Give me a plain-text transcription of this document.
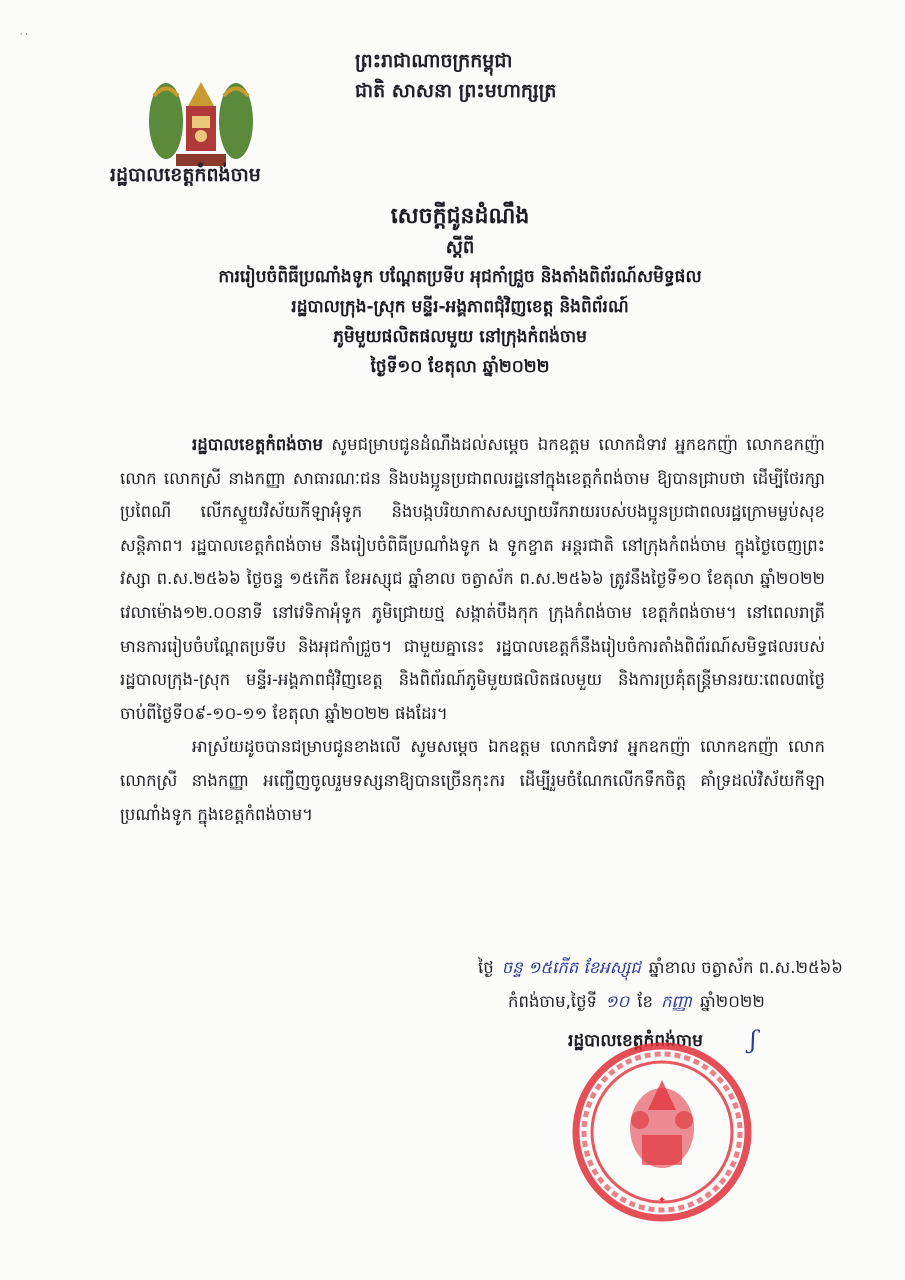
‧ ·
ព្រះរាជាណាចក្រកម្ពុជា
ជាតិ សាសនា ព្រះមហាក្សត្រ
រដ្ឋបាលខេត្តកំពង់ចាម
សេចក្តីជូនដំណឹង
ស្តីពី
ការរៀបចំពិធីប្រណាំងទូក បណ្តែតប្រទីប អុជកាំជ្រួច និងតាំងពិព័រណ៍សមិទ្ធផល
រដ្ឋបាលក្រុង-ស្រុក មន្ទីរ-អង្គភាពជុំវិញខេត្ត និងពិព័រណ៍
ភូមិមួយផលិតផលមួយ នៅក្រុងកំពង់ចាម
ថ្ងៃទី១០ ខែតុលា ឆ្នាំ២០២២

រដ្ឋបាលខេត្តកំពង់ចាម សូមជម្រាបជូនដំណឹងដល់សម្តេច ឯកឧត្តម លោកជំទាវ អ្នកឧកញ៉ា លោកឧកញ៉ា លោក លោកស្រី នាងកញ្ញា សាធារណៈជន និងបងប្អូនប្រជាពលរដ្ឋនៅក្នុងខេត្តកំពង់ចាម ឱ្យបានជ្រាបថា ដើម្បីថែរក្សាប្រពៃណី លើកស្ទួយវិស័យកីឡាអុំទូក និងបង្កបរិយាកាសសប្បាយរីករាយរបស់បងប្អូនប្រជាពលរដ្ឋក្រោមម្លប់សុខសន្តិភាព។ រដ្ឋបាលខេត្តកំពង់ចាម នឹងរៀបចំពិធីប្រណាំងទូក ង ទូកខ្ចាត អន្តរជាតិ នៅក្រុងកំពង់ចាម ក្នុងថ្ងៃចេញព្រះវស្សា ព.ស.២៥៦៦ ថ្ងៃចន្ទ ១៥កើត ខែអស្សុជ ឆ្នាំខាល ចត្វាស័ក ព.ស.២៥៦៦ ត្រូវនឹងថ្ងៃទី១០ ខែតុលា ឆ្នាំ២០២២ វេលាម៉ោង១២.០០នាទី នៅវេទិកាអុំទូក ភូមិជ្រោយថ្ម សង្កាត់បឹងកុក ក្រុងកំពង់ចាម ខេត្តកំពង់ចាម។ នៅពេលរាត្រី មានការរៀបចំបណ្តែតប្រទីប និងអុជកាំជ្រួច។ ជាមួយគ្នានេះ រដ្ឋបាលខេត្តក៏នឹងរៀបចំការតាំងពិព័រណ៍សមិទ្ធផលរបស់រដ្ឋបាលក្រុង-ស្រុក មន្ទីរ-អង្គភាពជុំវិញខេត្ត និងពិព័រណ៍ភូមិមួយផលិតផលមួយ និងការប្រគុំតន្ត្រីមានរយៈពេល៣ថ្ងៃ ចាប់ពីថ្ងៃទី០៩-១០-១១ ខែតុលា ឆ្នាំ២០២២ ផងដែរ។

អាស្រ័យដូចបានជម្រាបជូនខាងលើ សូមសម្តេច ឯកឧត្តម លោកជំទាវ អ្នកឧកញ៉ា លោកឧកញ៉ា លោក លោកស្រី នាងកញ្ញា អញ្ជើញចូលរួមទស្សនាឱ្យបានច្រើនកុះករ ដើម្បីរួមចំណែកលើកទឹកចិត្ត គាំទ្រដល់វិស័យកីឡាប្រណាំងទូក ក្នុងខេត្តកំពង់ចាម។

ថ្ងៃ ចន្ទ ១៥កើត ខែអស្សុជ ឆ្នាំខាល ចត្វាស័ក ព.ស.២៥៦៦
កំពង់ចាម,ថ្ងៃទី ១០ ខែ កញ្ញា ឆ្នាំ២០២២
រដ្ឋបាលខេត្តកំពង់ចាម ʃ
✦
